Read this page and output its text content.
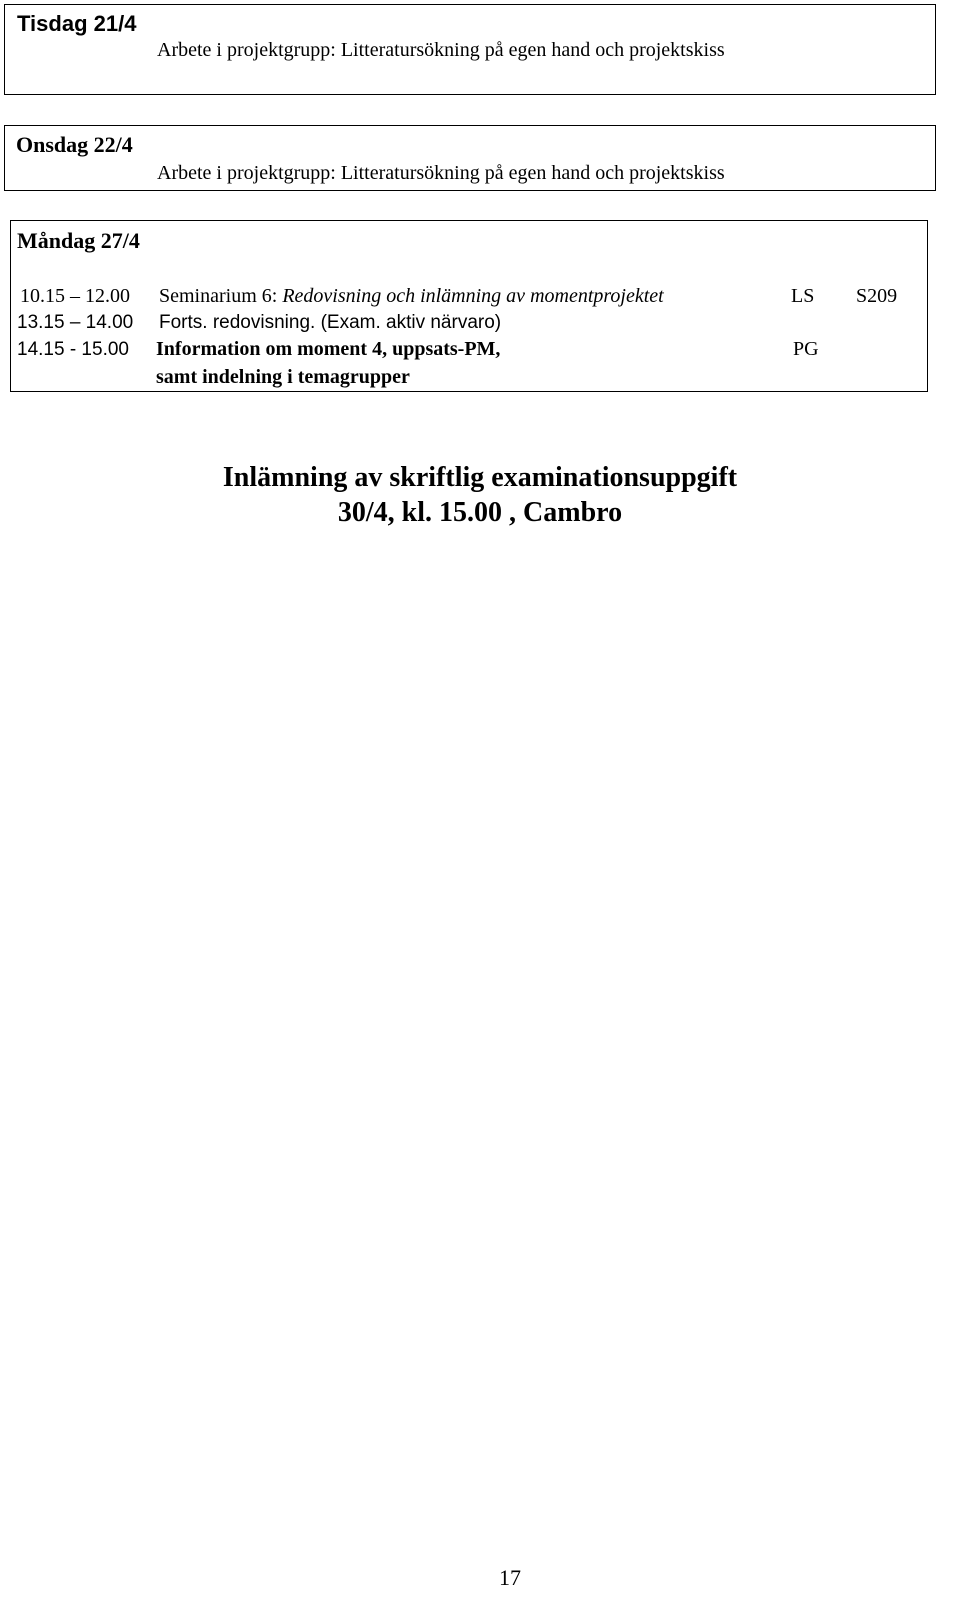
Tisdag 21/4
Arbete i projektgrupp: Litteratursökning på egen hand och projektskiss
Onsdag 22/4
Arbete i projektgrupp: Litteratursökning på egen hand och projektskiss
Måndag 27/4
10.15 – 12.00 Seminarium 6: Redovisning och inlämning av momentprojektet	LS S209
13.15 – 14.00 Forts. redovisning. (Exam. aktiv närvaro)
14.15 - 15.00 Information om moment 4, uppsats-PM,	PG
samt indelning i temagrupper
Inlämning av skriftlig examinationsuppgift
30/4, kl. 15.00 , Cambro
17
